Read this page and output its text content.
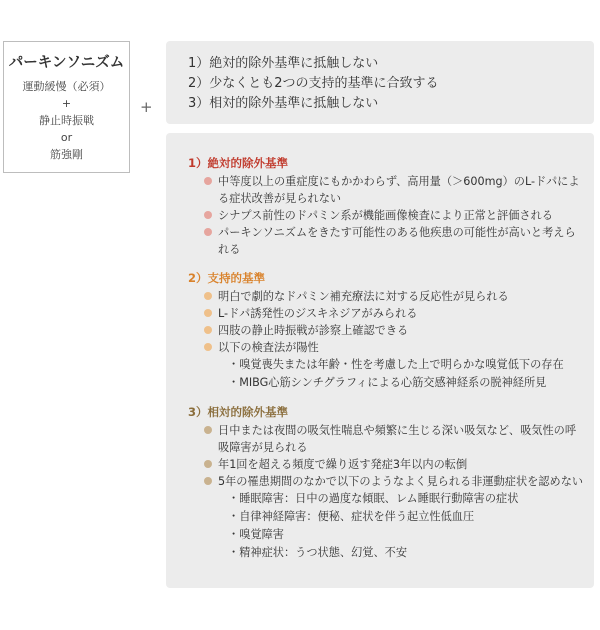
パーキンソニズム
運動緩慢（必須）
+
静止時振戦
or
筋強剛
+
1）絶対的除外基準に抵触しない
2）少なくとも2つの支持的基準に合致する
3）相対的除外基準に抵触しない
1）絶対的除外基準
中等度以上の重症度にもかかわらず、高用量（＞600mg）のL-ドパによる症状改善が見られない
シナプス前性のドパミン系が機能画像検査により正常と評価される
パーキンソニズムをきたす可能性のある他疾患の可能性が高いと考えられる
2）支持的基準
明白で劇的なドパミン補充療法に対する反応性が見られる
L-ドパ誘発性のジスキネジアがみられる
四肢の静止時振戦が診察上確認できる
以下の検査法が陽性
・嗅覚喪失または年齢・性を考慮した上で明らかな嗅覚低下の存在
・MIBG心筋シンチグラフィによる心筋交感神経系の脱神経所見
3）相対的除外基準
日中または夜間の吸気性喘息や頻繁に生じる深い吸気など、吸気性の呼吸障害が見られる
年1回を超える頻度で繰り返す発症3年以内の転倒
5年の罹患期間のなかで以下のようなよく見られる非運動症状を認めない
・睡眠障害：日中の過度な傾眠、レム睡眠行動障害の症状
・自律神経障害：便秘、症状を伴う起立性低血圧
・嗅覚障害
・精神症状：うつ状態、幻覚、不安
